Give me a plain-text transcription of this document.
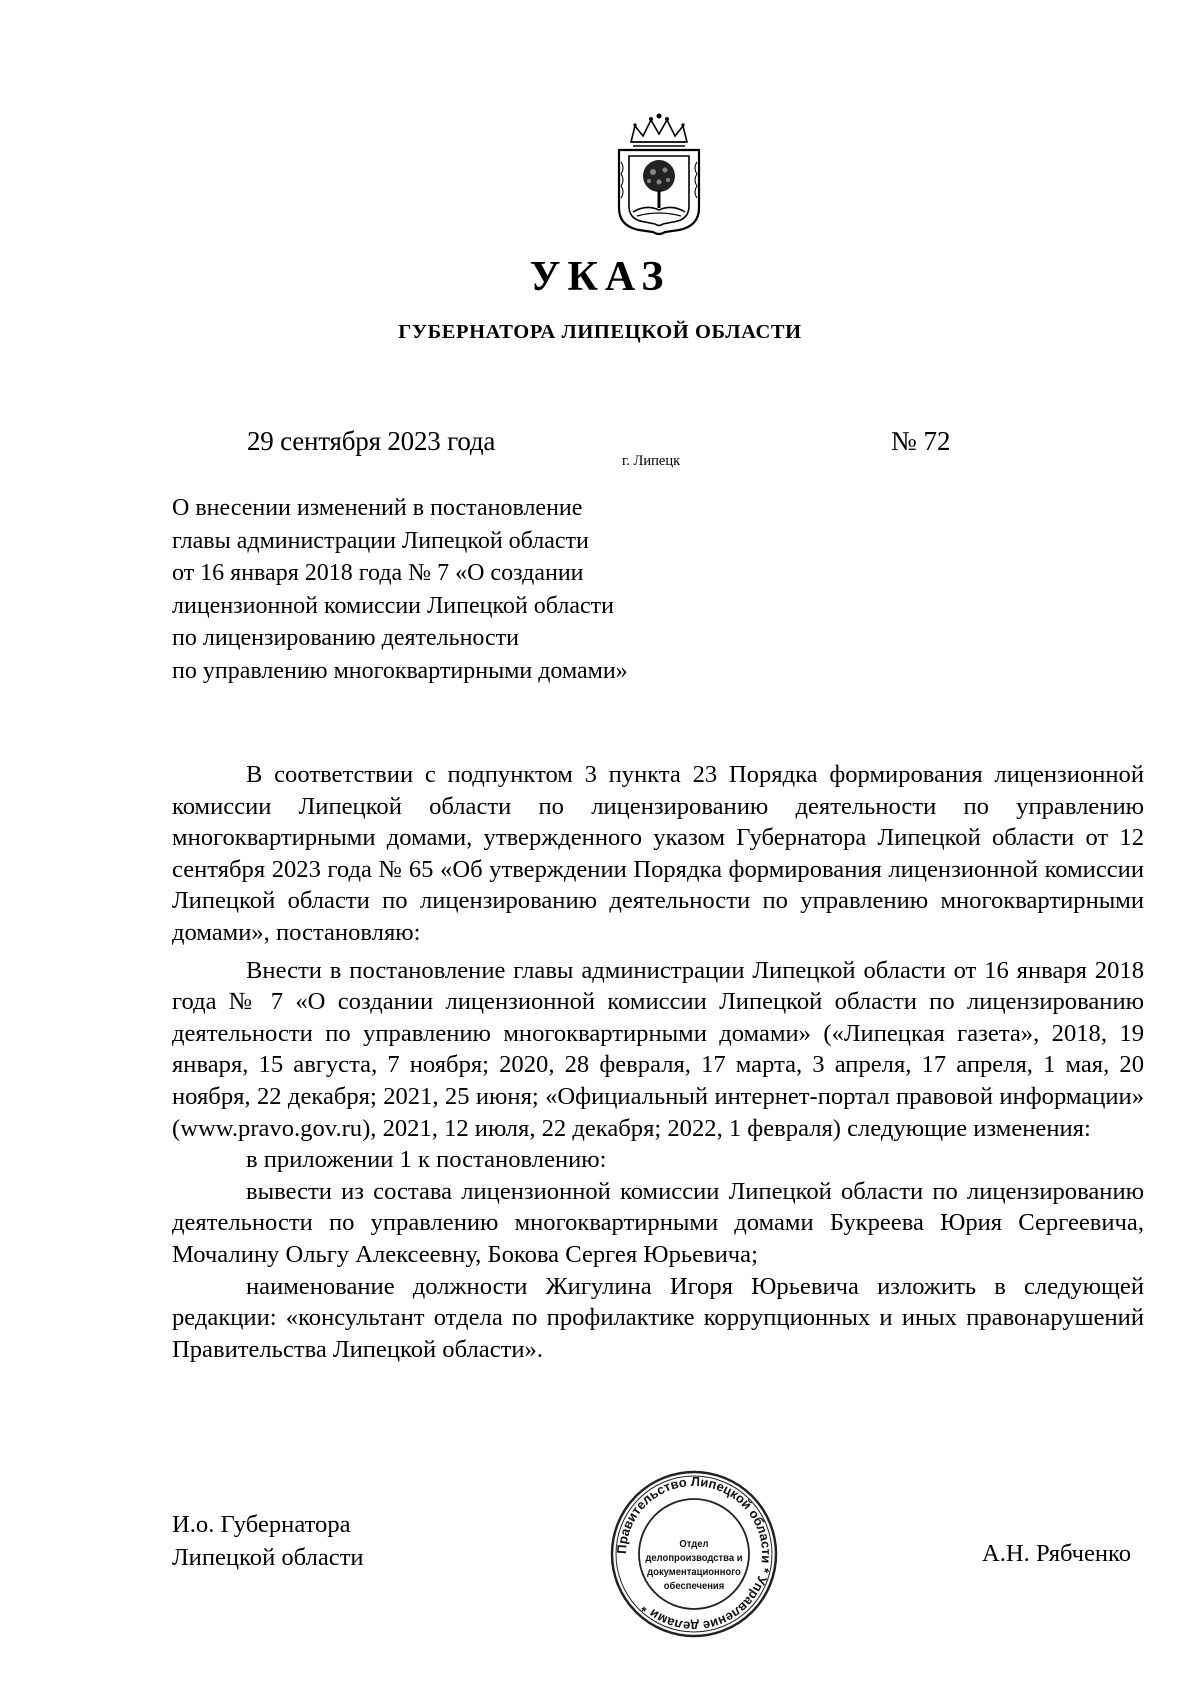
УКАЗ
ГУБЕРНАТОРА ЛИПЕЦКОЙ ОБЛАСТИ
29 сентября 2023 года
г. Липецк
№ 72
О внесении изменений в постановление
главы администрации Липецкой области
от 16 января 2018 года № 7 «О создании
лицензионной комиссии Липецкой области
по лицензированию деятельности
по управлению многоквартирными домами»

В соответствии с подпунктом 3 пункта 23 Порядка формирования лицензионной комиссии Липецкой области по лицензированию деятельности по управлению многоквартирными домами, утвержденного указом Губернатора Липецкой области от 12 сентября 2023 года № 65 «Об утверждении Порядка формирования лицензионной комиссии Липецкой области по лицензированию деятельности по управлению многоквартирными домами», постановляю:

Внести в постановление главы администрации Липецкой области от 16 января 2018 года № 7 «О создании лицензионной комиссии Липецкой области по лицензированию деятельности по управлению многоквартирными домами» («Липецкая газета», 2018, 19 января, 15 августа, 7 ноября; 2020, 28 февраля, 17 марта, 3 апреля, 17 апреля, 1 мая, 20 ноября, 22 декабря; 2021, 25 июня; «Официальный интернет-портал правовой информации» (www.pravo.gov.ru), 2021, 12 июля, 22 декабря; 2022, 1 февраля) следующие изменения:

в приложении 1 к постановлению:

вывести из состава лицензионной комиссии Липецкой области по лицензированию деятельности по управлению многоквартирными домами Букреева Юрия Сергеевича, Мочалину Ольгу Алексеевну, Бокова Сергея Юрьевича;

наименование должности Жигулина Игоря Юрьевича изложить в следующей редакции: «консультант отдела по профилактике коррупционных и иных правонарушений Правительства Липецкой области».

И.о. Губернатора
Липецкой области	Правительство Липецкой области * Управление делами *
Отдел
делопроизводства и
документационного
обеспечения
А.Н. Рябченко
